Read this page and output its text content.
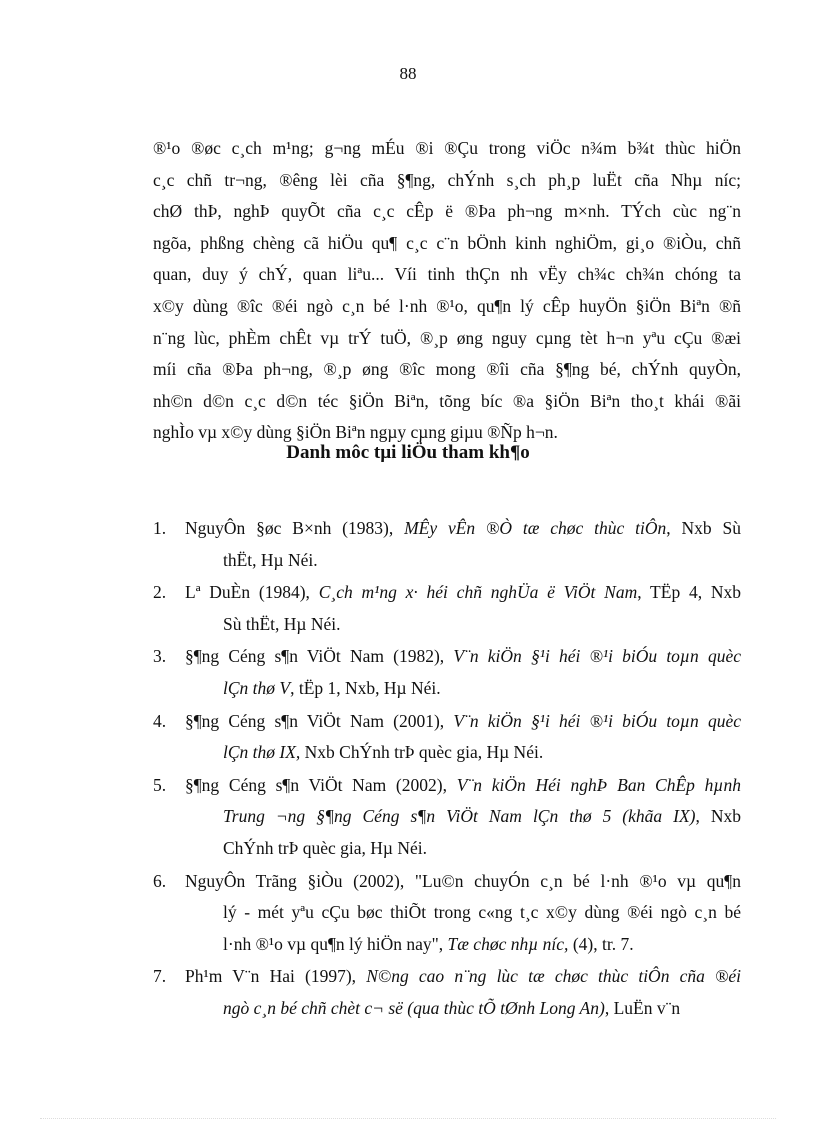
88
®¹o ®øc c¸ch m¹ng; g¬ng mÉu ®i ®Çu trong viÖc n¾m b¾t thùc hiÖn
c¸c chñ tr¬ng, ®êng lèi cña §¶ng, chÝnh s¸ch ph¸p luËt cña Nhµ níc;
chØ thÞ, nghÞ quyÕt cña c¸c cÊp ë ®Þa ph¬ng m×nh. TÝch cùc ng¨n
ngõa, phßng chèng cã hiÖu qu¶ c¸c c¨n bÖnh kinh nghiÖm, gi¸o ®iÒu, chñ
quan, duy ý chÝ, quan liªu... Víi tinh thÇn nh vËy ch¾c ch¾n chóng ta
x©y dùng ®îc ®éi ngò c¸n bé l·nh ®¹o, qu¶n lý cÊp huyÖn §iÖn Biªn ®ñ
n¨ng lùc, phÈm chÊt vµ trÝ tuÖ, ®¸p øng nguy cµng tèt h¬n yªu cÇu ®æi
míi cña ®Þa ph¬ng, ®¸p øng ®îc mong ®îi cña §¶ng bé, chÝnh quyÒn,
nh©n d©n c¸c d©n téc §iÖn Biªn, tõng bíc ®a §iÖn Biªn tho¸t khái ®ãi
nghÌo vµ x©y dùng §iÖn Biªn ngµy cµng giµu ®Ñp h¬n.
Danh môc tµi liÖu tham kh¶o
1.	NguyÔn §øc B×nh (1983), MÊy vÊn ®Ò tæ chøc thùc tiÔn, Nxb Sù
thËt, Hµ Néi.
2.	Lª DuÈn (1984), C¸ch m¹ng x· héi chñ nghÜa ë ViÖt Nam, TËp 4, Nxb
Sù thËt, Hµ Néi.
3.	§¶ng Céng s¶n ViÖt Nam (1982), V¨n kiÖn §¹i héi ®¹i biÓu toµn quèc
lÇn thø V, tËp 1, Nxb, Hµ Néi.
4.	§¶ng Céng s¶n ViÖt Nam (2001), V¨n kiÖn §¹i héi ®¹i biÓu toµn quèc
lÇn thø IX, Nxb ChÝnh trÞ quèc gia, Hµ Néi.
5.	§¶ng Céng s¶n ViÖt Nam (2002), V¨n kiÖn Héi nghÞ Ban ChÊp hµnh
Trung ¬ng §¶ng Céng s¶n ViÖt Nam lÇn thø 5 (khãa IX), Nxb
ChÝnh trÞ quèc gia, Hµ Néi.
6.	NguyÔn Trãng §iÒu (2002), "Lu©n chuyÓn c¸n bé l·nh ®¹o vµ qu¶n
lý - mét yªu cÇu bøc thiÕt trong c«ng t¸c x©y dùng ®éi ngò c¸n bé
l·nh ®¹o vµ qu¶n lý hiÖn nay", Tæ chøc nhµ níc, (4), tr. 7.
7.	Ph¹m V¨n Hai (1997), N©ng cao n¨ng lùc tæ chøc thùc tiÔn cña ®éi
ngò c¸n bé chñ chèt c¬ së (qua thùc tÕ tØnh Long An), LuËn v¨n
